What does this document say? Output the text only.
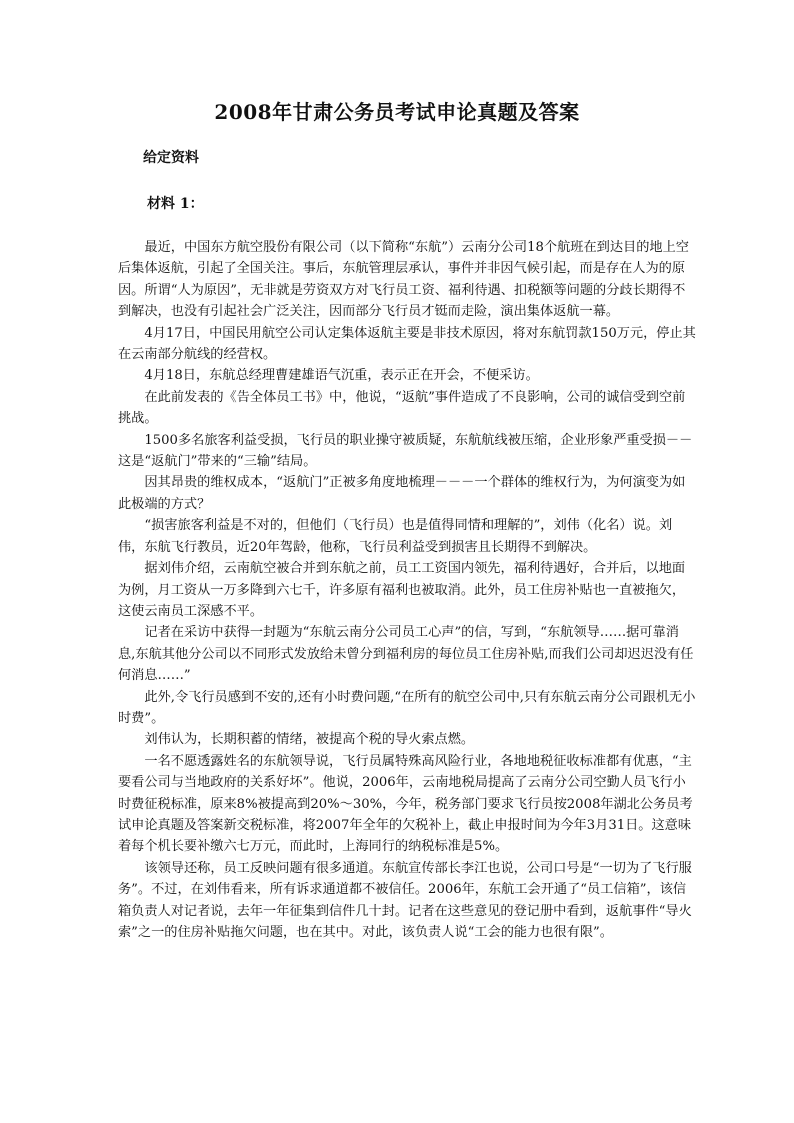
2008年甘肃公务员考试申论真题及答案
给定资料
材料 1：

最近，中国东方航空股份有限公司（以下简称“东航”）云南分公司18个航班在到达目的地上空后集体返航，引起了全国关注。事后，东航管理层承认，事件并非因气候引起，而是存在人为的原因。所谓“人为原因”，无非就是劳资双方对飞行员工资、福利待遇、扣税额等问题的分歧长期得不到解决，也没有引起社会广泛关注，因而部分飞行员才铤而走险，演出集体返航一幕。

4月17日，中国民用航空公司认定集体返航主要是非技术原因，将对东航罚款150万元，停止其在云南部分航线的经营权。

4月18日，东航总经理曹建雄语气沉重，表示正在开会，不便采访。

在此前发表的《告全体员工书》中，他说，“返航”事件造成了不良影响，公司的诚信受到空前挑战。

1500多名旅客利益受损，飞行员的职业操守被质疑，东航航线被压缩，企业形象严重受损－－这是“返航门”带来的“三输”结局。

因其昂贵的维权成本，“返航门”正被多角度地梳理－－－一个群体的维权行为，为何演变为如此极端的方式？

“损害旅客利益是不对的，但他们（飞行员）也是值得同情和理解的”，刘伟（化名）说。刘伟，东航飞行教员，近20年驾龄，他称，飞行员利益受到损害且长期得不到解决。

据刘伟介绍，云南航空被合并到东航之前，员工工资国内领先，福利待遇好，合并后，以地面为例，月工资从一万多降到六七千，许多原有福利也被取消。此外，员工住房补贴也一直被拖欠，这使云南员工深感不平。

记者在采访中获得一封题为“东航云南分公司员工心声”的信，写到，“东航领导……据可靠消息,东航其他分公司以不同形式发放给未曾分到福利房的每位员工住房补贴,而我们公司却迟迟没有任何消息……”

此外,令飞行员感到不安的,还有小时费问题,“在所有的航空公司中,只有东航云南分公司跟机无小时费”。

刘伟认为，长期积蓄的情绪，被提高个税的导火索点燃。

一名不愿透露姓名的东航领导说，飞行员属特殊高风险行业，各地地税征收标准都有优惠，“主要看公司与当地政府的关系好坏”。他说，2006年，云南地税局提高了云南分公司空勤人员飞行小时费征税标准，原来8%被提高到20%～30%，今年，税务部门要求飞行员按2008年湖北公务员考试申论真题及答案新交税标准，将2007年全年的欠税补上，截止申报时间为今年3月31日。这意味着每个机长要补缴六七万元，而此时，上海同行的纳税标准是5%。

该领导还称，员工反映问题有很多通道。东航宣传部长李江也说，公司口号是“一切为了飞行服务”。不过，在刘伟看来，所有诉求通道都不被信任。2006年，东航工会开通了“员工信箱”，该信箱负责人对记者说，去年一年征集到信件几十封。记者在这些意见的登记册中看到，返航事件“导火索”之一的住房补贴拖欠问题，也在其中。对此，该负责人说“工会的能力也很有限”。
